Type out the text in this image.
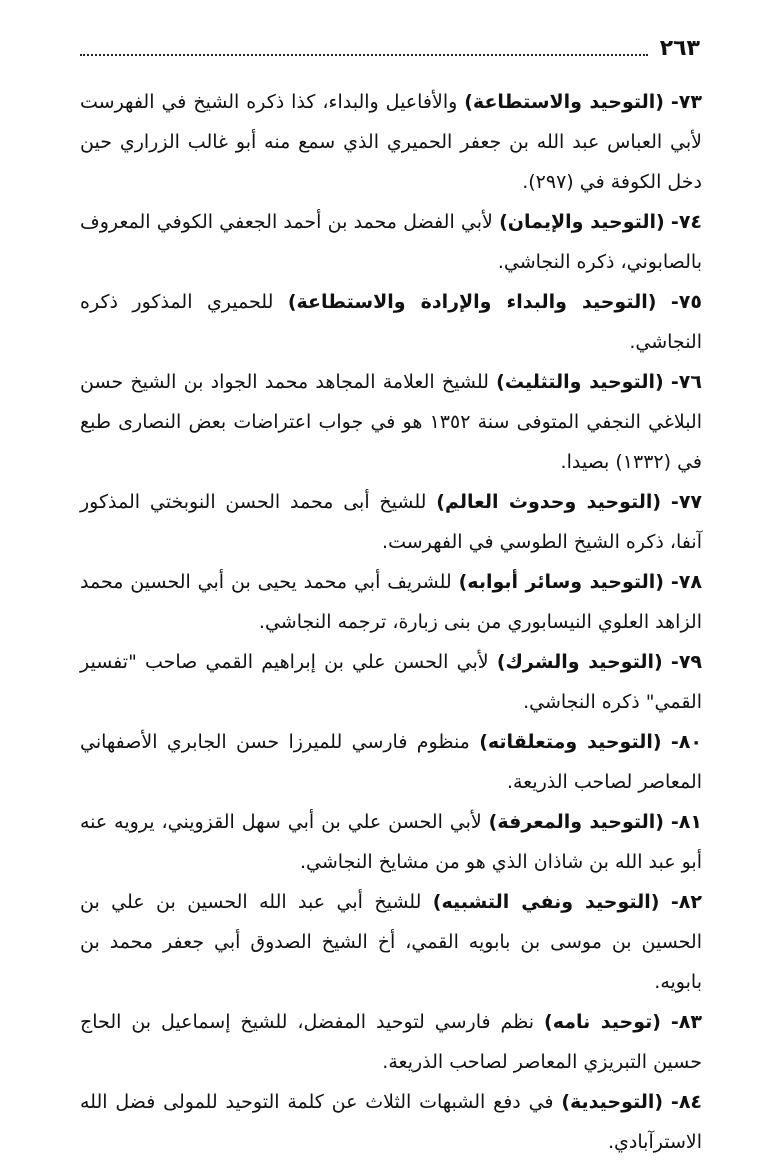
٢٦٣

٧٣- (التوحيد والاستطاعة) والأفاعيل والبداء، كذا ذكره الشيخ في الفهرست لأبي العباس عبد الله بن جعفر الحميري الذي سمع منه أبو غالب الزراري حين دخل الكوفة في (٢٩٧).

٧٤- (التوحيد والإيمان) لأبي الفضل محمد بن أحمد الجعفي الكوفي المعروف بالصابوني، ذكره النجاشي.

٧٥- (التوحيد والبداء والإرادة والاستطاعة) للحميري المذكور ذكره النجاشي.

٧٦- (التوحيد والتثليث) للشيخ العلامة المجاهد محمد الجواد بن الشيخ حسن البلاغي النجفي المتوفى سنة ١٣٥٢ هو في جواب اعتراضات بعض النصارى طبع في (١٣٣٢) بصيدا.

٧٧- (التوحيد وحدوث العالم) للشيخ أبى محمد الحسن النوبختي المذكور آنفا، ذكره الشيخ الطوسي في الفهرست.

٧٨- (التوحيد وسائر أبوابه) للشريف أبي محمد يحيى بن أبي الحسين محمد الزاهد العلوي النيسابوري من بنى زبارة، ترجمه النجاشي.

٧٩- (التوحيد والشرك) لأبي الحسن علي بن إبراهيم القمي صاحب "تفسير القمي" ذكره النجاشي.

٨٠- (التوحيد ومتعلقاته) منظوم فارسي للميرزا حسن الجابري الأصفهاني المعاصر لصاحب الذريعة.

٨١- (التوحيد والمعرفة) لأبي الحسن علي بن أبي سهل القزويني، يرويه عنه أبو عبد الله بن شاذان الذي هو من مشايخ النجاشي.

٨٢- (التوحيد ونفي التشبيه) للشيخ أبي عبد الله الحسين بن علي بن الحسين بن موسى بن بابويه القمي، أخ الشيخ الصدوق أبي جعفر محمد بن بابويه.

٨٣- (توحيد نامه) نظم فارسي لتوحيد المفضل، للشيخ إسماعيل بن الحاج حسين التبريزي المعاصر لصاحب الذريعة.

٨٤- (التوحيدية) في دفع الشبهات الثلاث عن كلمة التوحيد للمولى فضل الله الاسترآبادي.
